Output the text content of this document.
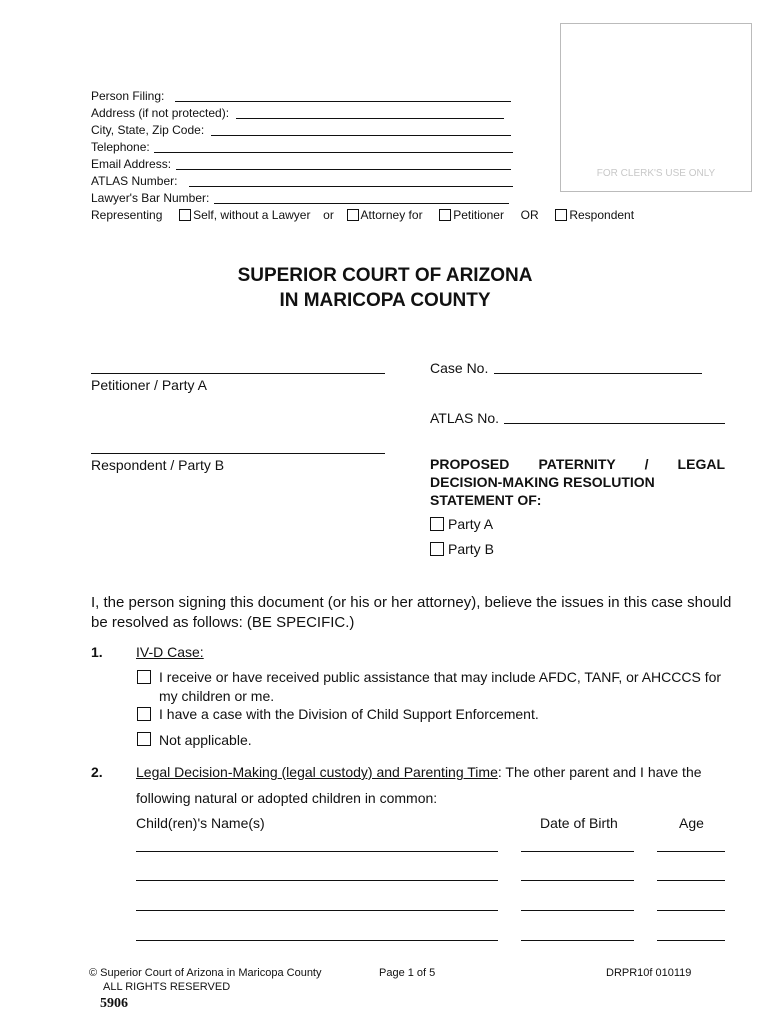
FOR CLERK'S USE ONLY
Person Filing:
Address (if not protected):
City, State, Zip Code:
Telephone:
Email Address:
ATLAS Number:
Lawyer's Bar Number:
Representing	Self, without a Lawyer or Attorney for	Petitioner OR	Respondent
SUPERIOR COURT OF ARIZONA
IN MARICOPA COUNTY
Petitioner / Party A
Respondent / Party B
Case No.
ATLAS No.
PROPOSED PATERNITY / LEGAL
DECISION-MAKING RESOLUTION
STATEMENT OF:
Party A
Party B
I, the person signing this document (or his or her attorney), believe the issues in this case should
be resolved as follows: (BE SPECIFIC.)
1. IV-D Case:
I receive or have received public assistance that may include AFDC, TANF, or AHCCCS for
my children or me.
I have a case with the Division of Child Support Enforcement.
Not applicable.
2. Legal Decision-Making (legal custody) and Parenting Time: The other parent and I have the
following natural or adopted children in common:
Child(ren)'s Name(s)	Date of Birth	Age
© Superior Court of Arizona in Maricopa County
ALL RIGHTS RESERVED
Page 1 of 5	DRPR10f 010119
5906
